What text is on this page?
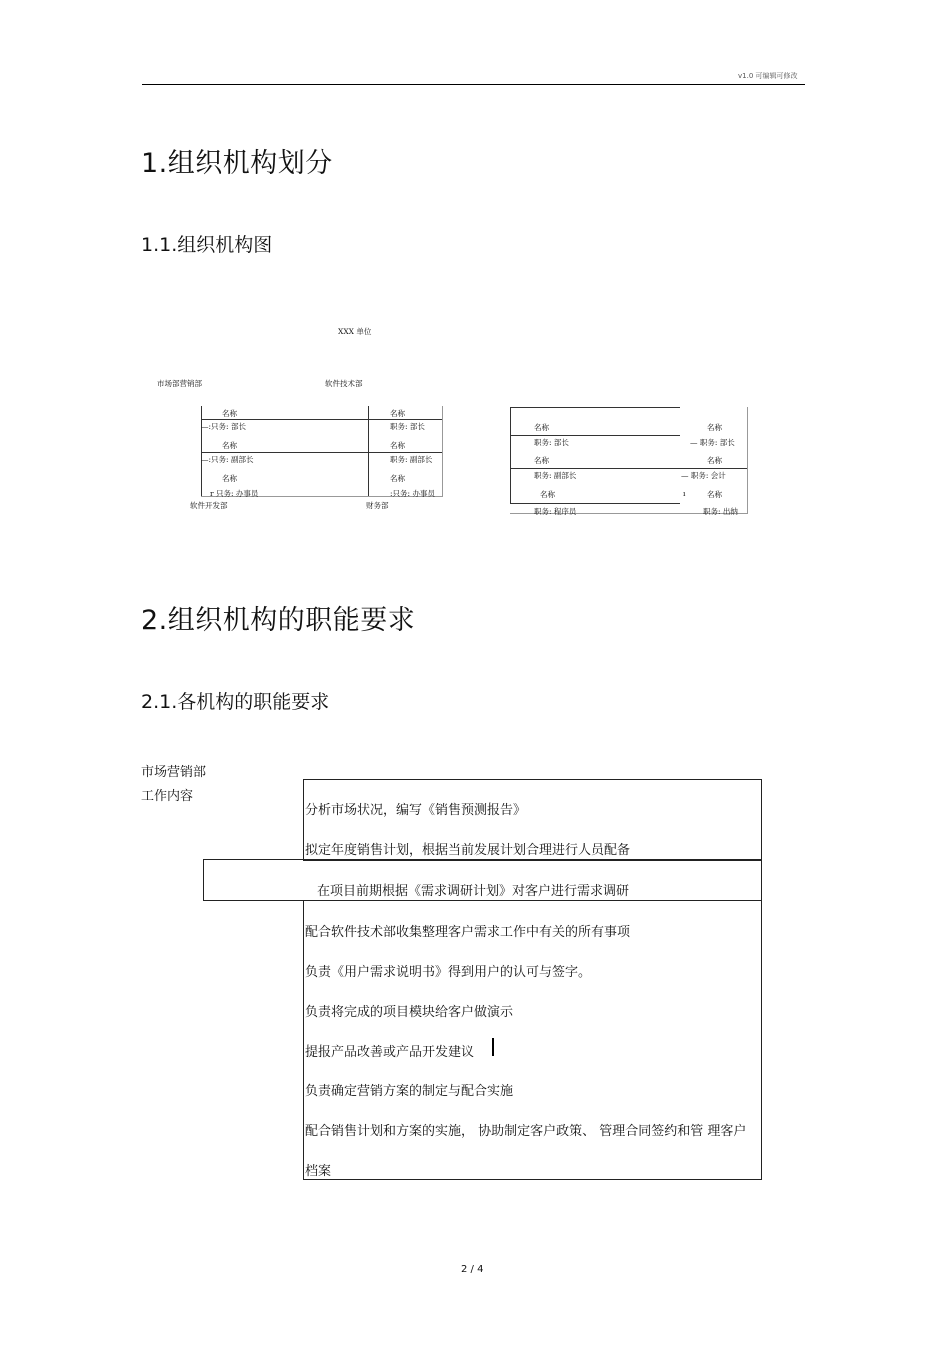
v1.0 可编辑可修改
1.组织机构划分
1.1.组织机构图
XXX 单位
市场部营销部	软件技术部
名称
—:只务: 部长
名称
—:只务: 副部长
名称
r 只务: 办事员
软件开发部
名称
职务: 部长
名称
职务: 副部长
名称
:只务: 办事员
财务部
名称
职务: 部长
名称
职务: 副部长
名称
职务: 程序员
名称
— 职务: 部长
名称
— 职务: 会计
ı	名称
职务: 出纳
2.组织机构的职能要求
2.1.各机构的职能要求
市场营销部
工作内容
分析市场状况，编写《销售预测报告》
拟定年度销售计划，根据当前发展计划合理进行人员配备
在项目前期根据《需求调研计划》对客户进行需求调研
配合软件技术部收集整理客户需求工作中有关的所有事项
负责《用户需求说明书》得到用户的认可与签字。
负责将完成的项目模块给客户做演示
提报产品改善或产品开发建议
负责确定营销方案的制定与配合实施
配合销售计划和方案的实施， 协助制定客户政策、 管理合同签约和管 理客户
档案
2 / 4
